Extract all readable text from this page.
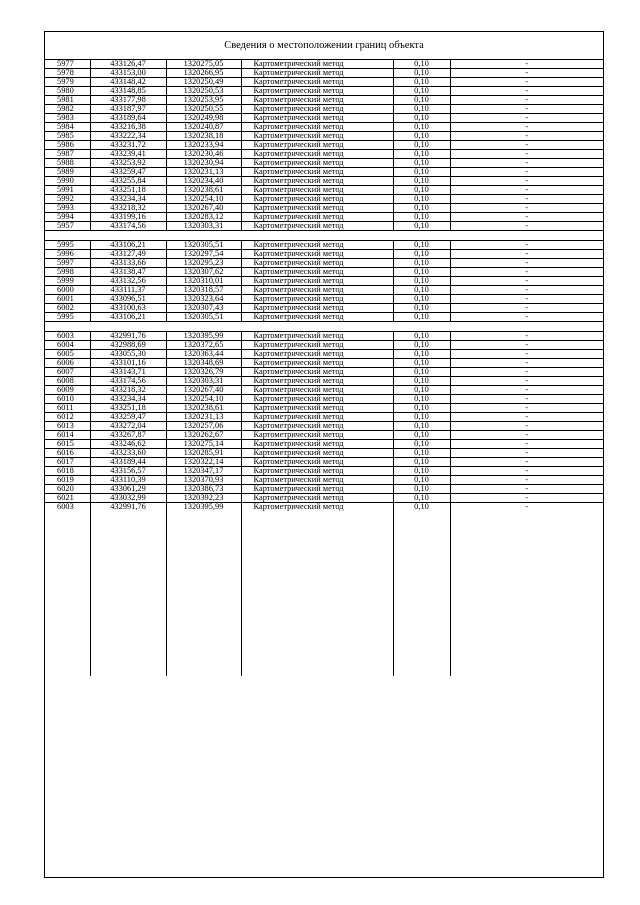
Сведения о местоположении границ объекта
5977	433126,47	1320275,05	Картометрический метод	0,10	-
5978	433153,00	1320266,95	Картометрический метод	0,10	-
5979	433148,42	1320250,49	Картометрический метод	0,10	-
5980	433148,85	1320250,53	Картометрический метод	0,10	-
5981	433177,98	1320253,95	Картометрический метод	0,10	-
5982	433187,97	1320250,55	Картометрический метод	0,10	-
5983	433189,64	1320249,98	Картометрический метод	0,10	-
5984	433216,38	1320240,87	Картометрический метод	0,10	-
5985	433222,34	1320238,18	Картометрический метод	0,10	-
5986	433231,72	1320233,94	Картометрический метод	0,10	-
5987	433239,41	1320230,46	Картометрический метод	0,10	-
5988	433253,92	1320230,94	Картометрический метод	0,10	-
5989	433259,47	1320231,13	Картометрический метод	0,10	-
5990	433255,84	1320234,40	Картометрический метод	0,10	-
5991	433251,18	1320238,61	Картометрический метод	0,10	-
5992	433234,34	1320254,10	Картометрический метод	0,10	-
5993	433218,32	1320267,40	Картометрический метод	0,10	-
5994	433199,16	1320283,12	Картометрический метод	0,10	-
5957	433174,56	1320303,31	Картометрический метод	0,10	-

5995	433106,21	1320305,51	Картометрический метод	0,10	-
5996	433127,49	1320297,54	Картометрический метод	0,10	-
5997	433133,66	1320295,23	Картометрический метод	0,10	-
5998	433138,47	1320307,62	Картометрический метод	0,10	-
5999	433132,56	1320310,01	Картометрический метод	0,10	-
6000	433111,37	1320318,57	Картометрический метод	0,10	-
6001	433096,51	1320323,64	Картометрический метод	0,10	-
6002	433100,63	1320307,43	Картометрический метод	0,10	-
5995	433106,21	1320305,51	Картометрический метод	0,10	-

6003	432991,76	1320395,99	Картометрический метод	0,10	-
6004	432988,69	1320372,65	Картометрический метод	0,10	-
6005	433055,30	1320363,44	Картометрический метод	0,10	-
6006	433101,16	1320348,69	Картометрический метод	0,10	-
6007	433143,71	1320326,79	Картометрический метод	0,10	-
6008	433174,56	1320303,31	Картометрический метод	0,10	-
6009	433218,32	1320267,40	Картометрический метод	0,10	-
6010	433234,34	1320254,10	Картометрический метод	0,10	-
6011	433251,18	1320238,61	Картометрический метод	0,10	-
6012	433259,47	1320231,13	Картометрический метод	0,10	-
6013	433272,04	1320257,06	Картометрический метод	0,10	-
6014	433267,87	1320262,67	Картометрический метод	0,10	-
6015	433246,62	1320275,14	Картометрический метод	0,10	-
6016	433233,60	1320285,91	Картометрический метод	0,10	-
6017	433189,44	1320322,14	Картометрический метод	0,10	-
6018	433156,57	1320347,17	Картометрический метод	0,10	-
6019	433110,39	1320370,93	Картометрический метод	0,10	-
6020	433061,29	1320386,73	Картометрический метод	0,10	-
6021	433032,99	1320392,23	Картометрический метод	0,10	-
6003	432991,76	1320395,99	Картометрический метод	0,10	-
